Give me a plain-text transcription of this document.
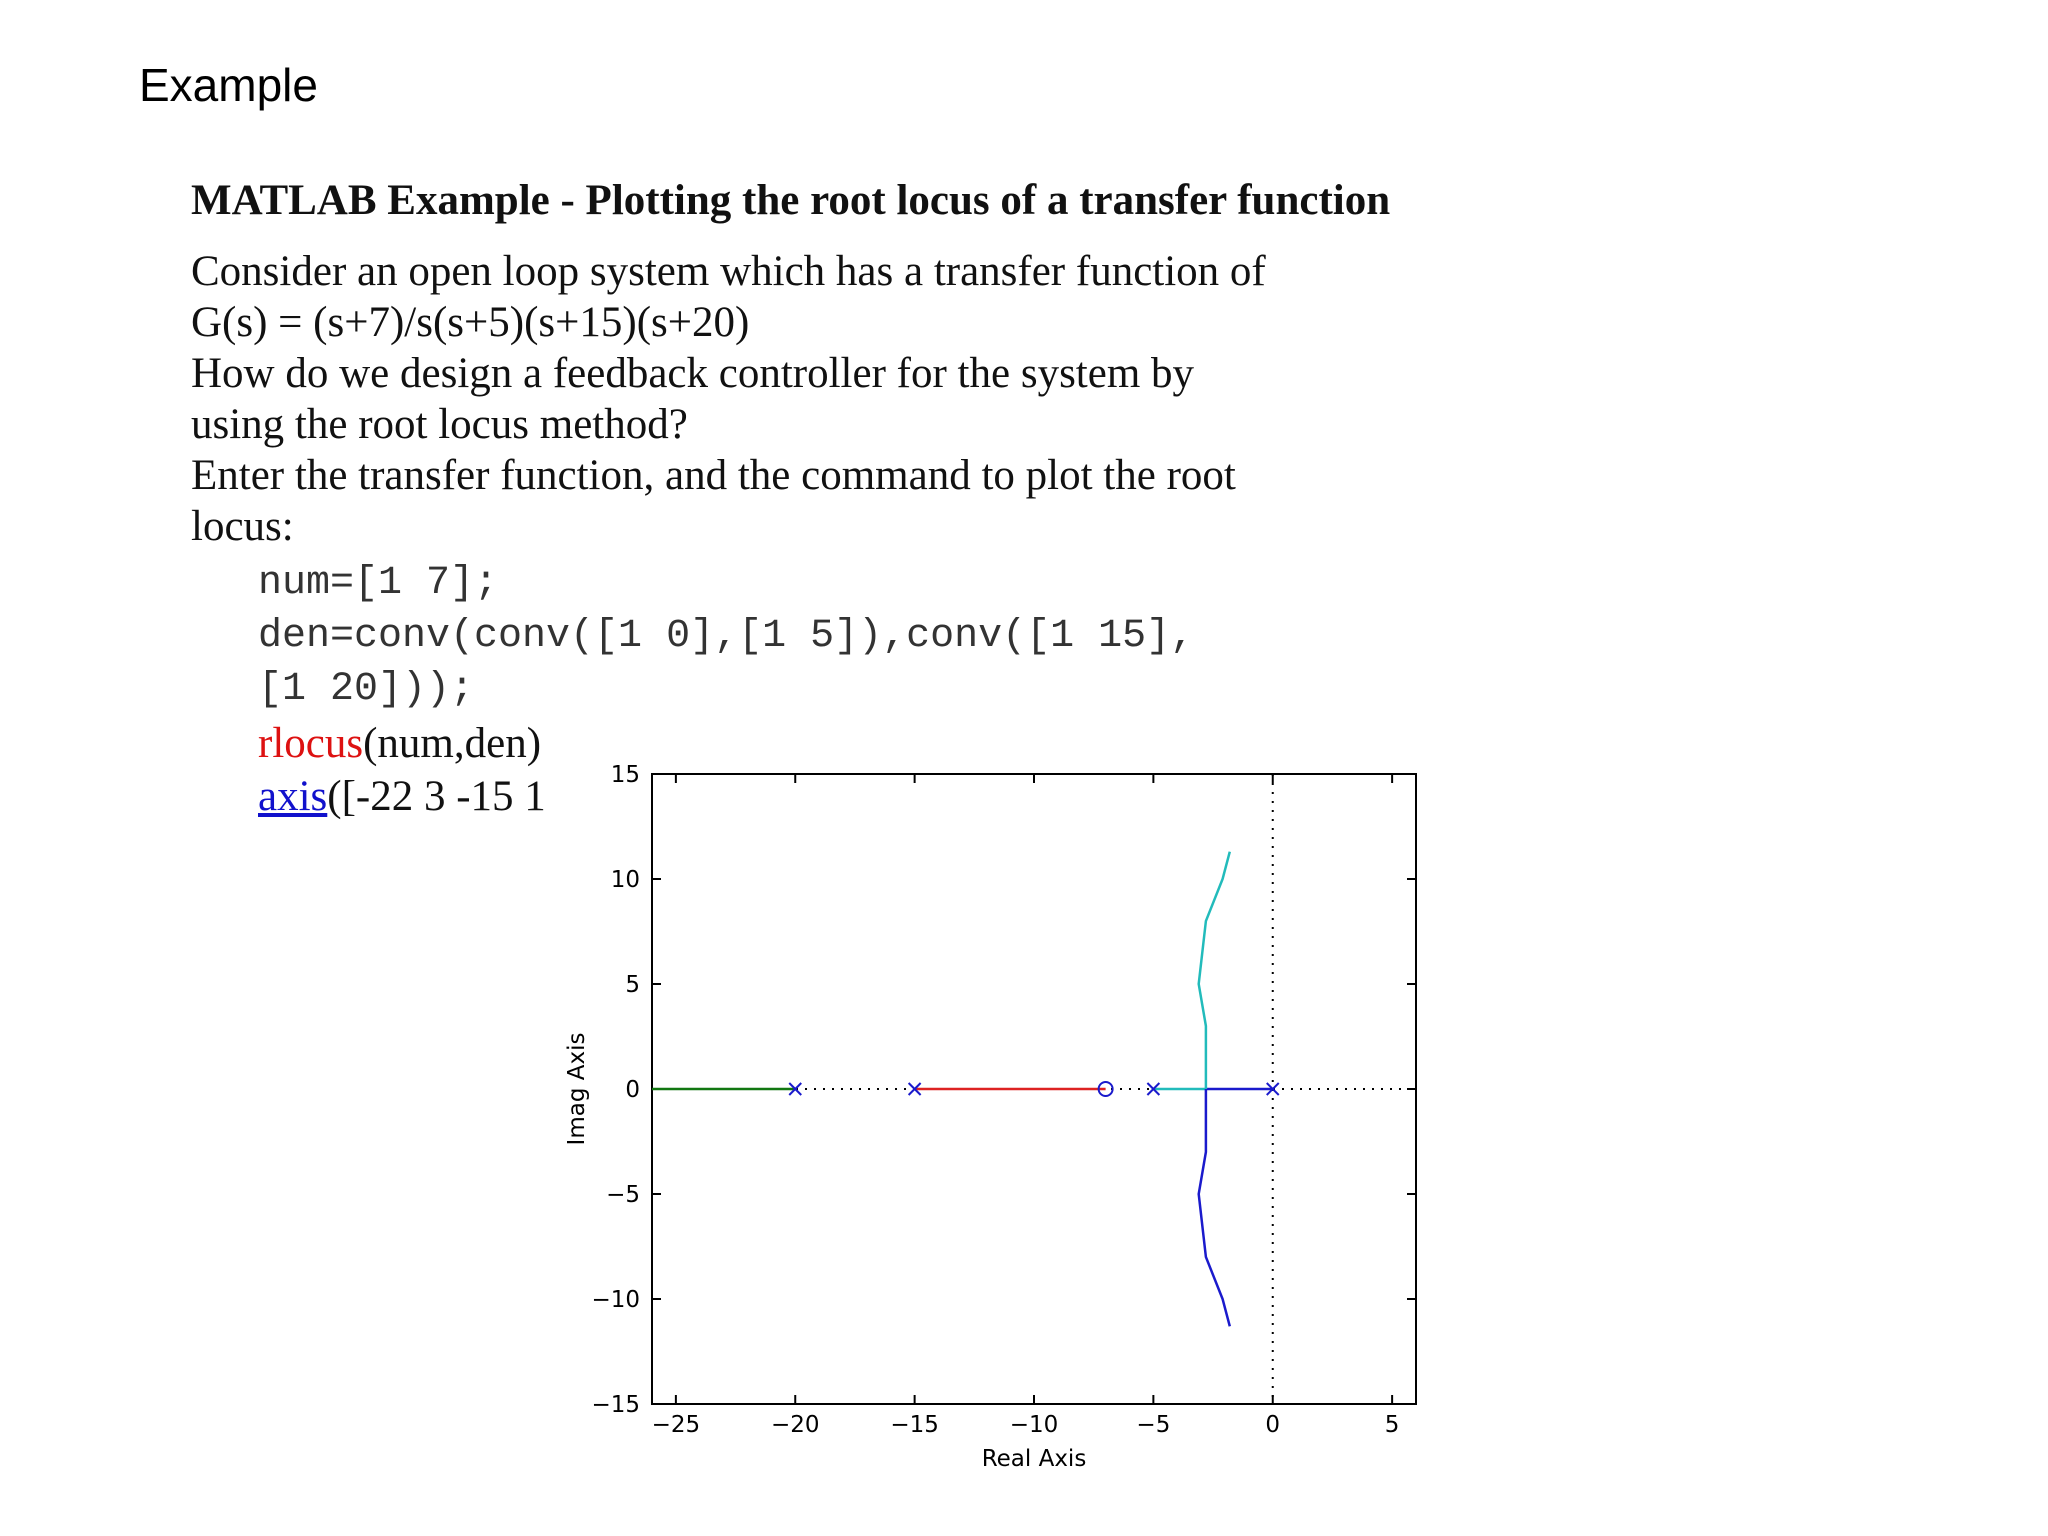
Example
MATLAB Example - Plotting the root locus of a transfer function
Consider an open loop system which has a transfer function of
G(s) = (s+7)/s(s+5)(s+15)(s+20)
How do we design a feedback controller for the system by
using the root locus method?
Enter the transfer function, and the command to plot the root
locus:
num=[1 7];
den=conv(conv([1 0],[1 5]),conv([1 15],
[1 20]));
rlocus(num,den)
axis([-22 3 -15 1
−25	−20	−15	−10	−5	0	5
−15
−10
−5
0
5
10
15
Real Axis
Imag Axis
